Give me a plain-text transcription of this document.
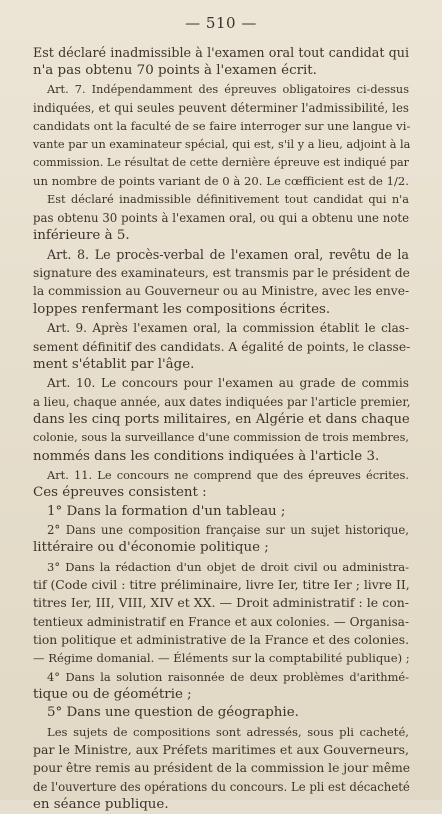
— 510 —
Est déclaré inadmissible à l'examen oral tout candidat qui
n'a pas obtenu 70 points à l'examen écrit.
Art. 7. Indépendamment des épreuves obligatoires ci-dessus
indiquées, et qui seules peuvent déterminer l'admissibilité, les
candidats ont la faculté de se faire interroger sur une langue vi-
vante par un examinateur spécial, qui est, s'il y a lieu, adjoint à la
commission. Le résultat de cette dernière épreuve est indiqué par
un nombre de points variant de 0 à 20. Le cœfficient est de 1/2.
Est déclaré inadmissible définitivement tout candidat qui n'a
pas obtenu 30 points à l'examen oral, ou qui a obtenu une note
inférieure à 5.
Art. 8. Le procès-verbal de l'examen oral, revêtu de la
signature des examinateurs, est transmis par le président de
la commission au Gouverneur ou au Ministre, avec les enve-
loppes renfermant les compositions écrites.
Art. 9. Après l'examen oral, la commission établit le clas-
sement définitif des candidats. A égalité de points, le classe-
ment s'établit par l'âge.
Art. 10. Le concours pour l'examen au grade de commis
a lieu, chaque année, aux dates indiquées par l'article premier,
dans les cinq ports militaires, en Algérie et dans chaque
colonie, sous la surveillance d'une commission de trois membres,
nommés dans les conditions indiquées à l'article 3.
Art. 11. Le concours ne comprend que des épreuves écrites.
Ces épreuves consistent :
1° Dans la formation d'un tableau ;
2° Dans une composition française sur un sujet historique,
littéraire ou d'économie politique ;
3° Dans la rédaction d'un objet de droit civil ou administra-
tif (Code civil : titre préliminaire, livre Ier, titre Ier ; livre II,
titres Ier, III, VIII, XIV et XX. — Droit administratif : le con-
tentieux administratif en France et aux colonies. — Organisa-
tion politique et administrative de la France et des colonies.
— Régime domanial. — Éléments sur la comptabilité publique) ;
4° Dans la solution raisonnée de deux problèmes d'arithmé-
tique ou de géométrie ;
5° Dans une question de géographie.
Les sujets de compositions sont adressés, sous pli cacheté,
par le Ministre, aux Préfets maritimes et aux Gouverneurs,
pour être remis au président de la commission le jour même
de l'ouverture des opérations du concours. Le pli est décacheté
en séance publique.
